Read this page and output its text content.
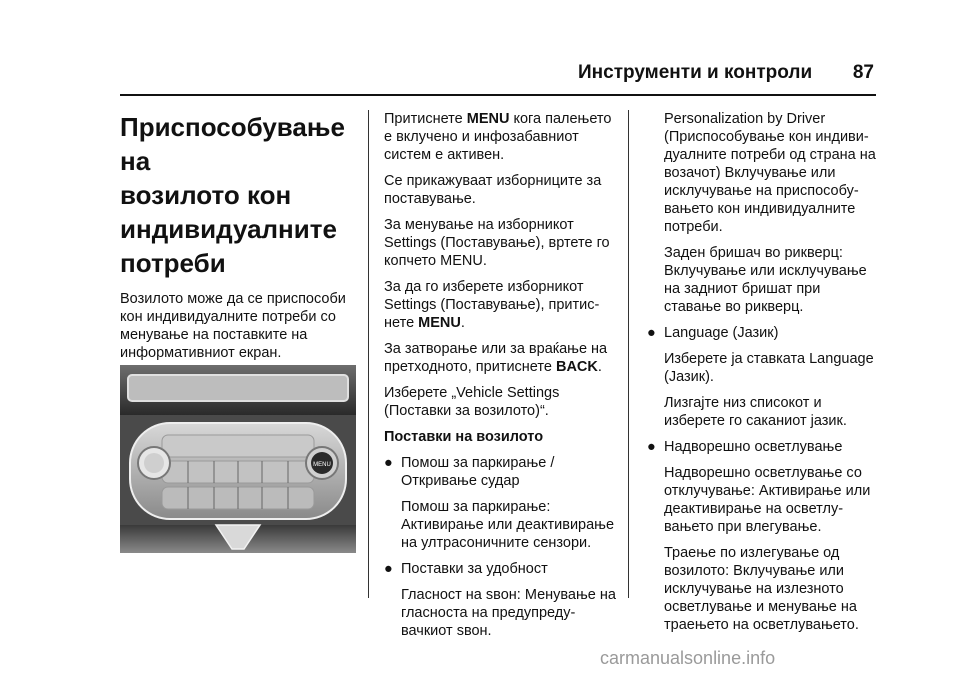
Инструменти и контроли 87
Приспособување на
возилото кон
индивидуалните
потреби

Возилото може да се приспособи кон индивидуалните потреби со менување на поставките на информативниот екран.

MENU

Притиснете MENU кога палењето е вклучено и инфозабавниот систем е активен.

Се прикажуваат изборниците за поставување.

За менување на изборникот Settings (Поставување), вртете го копчето MENU.

За да го изберете изборникот Settings (Поставување), притис-нете MENU.

За затворање или за враќање на претходното, притиснете BACK.

Изберете „Vehicle Settings (Поставки за возилото)“.

Поставки на возилото

● Помош за паркирање / Откривање судар

Помош за паркирање: Активирање или деактивирање на ултрасоничните сензори.

● Поставки за удобност

Гласност на ѕвон: Менување на гласноста на предупреду-вачкиот ѕвон.

Personalization by Driver (Приспособување кон индиви-дуалните потреби од страна на возачот) Вклучување или исклучување на приспособу-вањето кон индивидуалните потреби.

Заден бришач во рикверц: Вклучување или исклучување на задниот бришат при ставање во рикверц.

● Language (Јазик)

Изберете ја ставката Language (Јазик).

Лизгајте низ списокот и изберете го саканиот јазик.

● Надворешно осветлување

Надворешно осветлување со отклучување: Активирање или деактивирање на осветлу-вањето при влегување.

Траење по излегување од возилото: Вклучување или исклучување на излезното осветлување и менување на траењето на осветлувањето.

carmanualsonline.info
